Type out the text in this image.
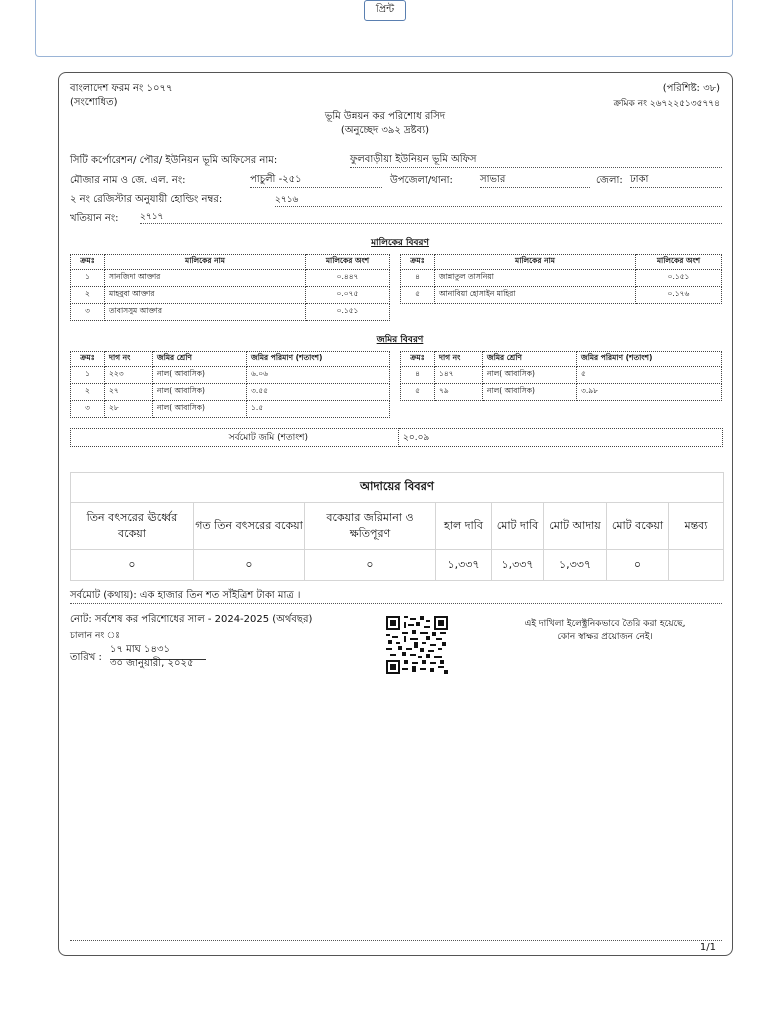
প্রিন্ট
বাংলাদেশ ফরম নং ১০৭৭
(সংশোধিত)
(পরিশিষ্ট: ৩৮)
ক্রমিক নং ২৬৭২২৫১৩৫৭৭৪
ভূমি উন্নয়ন কর পরিশোধ রসিদ
(অনুচ্ছেদ ৩৯২ দ্রষ্টব্য)
সিটি কর্পোরেশন/ পৌর/ ইউনিয়ন ভূমি অফিসের নাম:	ফুলবাড়ীয়া ইউনিয়ন ভূমি অফিস
মৌজার নাম ও জে. এল. নং:	পাচুলী -২৫১	উপজেলা/থানা:	সাভার	জেলা: ঢাকা
২ নং রেজিস্টার অনুযায়ী হোল্ডিং নম্বর:	২৭১৬
খতিয়ান নং: ২৭১৭
মালিকের বিবরণ
ক্রমঃ	মালিকের নাম	মালিকের অংশ
১	সানজিদা আক্তার	০.৪৪৭
২	মাহবুবা আক্তার	০.০৭৫
৩	তাবাসসুম আক্তার	০.১৫১
ক্রমঃ	মালিকের নাম	মালিকের অংশ
৪	জান্নাতুল তাসনিয়া	০.১৫১
৫	আনাবিয়া হোসাইন মাহিরা	০.১৭৬
জমির বিবরণ
ক্রমঃ	দাগ নং	জমির শ্রেণি	জমির পরিমাণ (শতাংশ)
১	২২৩	নাল( আবাসিক)	৬.০৬
২	২৭	নাল( আবাসিক)	৩.৫৫
৩	২৮	নাল( আবাসিক)	১.৫
ক্রমঃ	দাগ নং	জমির শ্রেণি	জমির পরিমাণ (শতাংশ)
৪	১৪৭	নাল( আবাসিক)	৫
৫	৭৯	নাল( আবাসিক)	৩.৯৮
সর্বমোট জমি (শতাংশ)	২০.০৯
আদায়ের বিবরণ							
তিন বৎসরের ঊর্ধ্বের বকেয়া	গত তিন বৎসরের বকেয়া	বকেয়ার জরিমানা ও ক্ষতিপূরণ	হাল দাবি	মোট দাবি	মোট আদায়	মোট বকেয়া	মন্তব্য
০	০	০	১,৩৩৭	১,৩৩৭	১,৩৩৭	০	
সর্বমোট (কথায়): এক হাজার তিন শত সাঁইত্রিশ টাকা মাত্র ।
নোট: সর্বশেষ কর পরিশোধের সাল - 2024-2025 (অর্থবছর)
চালান নং ঃ
তারিখ :
১৭ মাঘ ১৪৩১
৩০ জানুয়ারী, ২০২৫
এই দাখিলা ইলেক্ট্রনিকভাবে তৈরি করা হয়েছে,
কোন স্বাক্ষর প্রয়োজন নেই।
1/1
